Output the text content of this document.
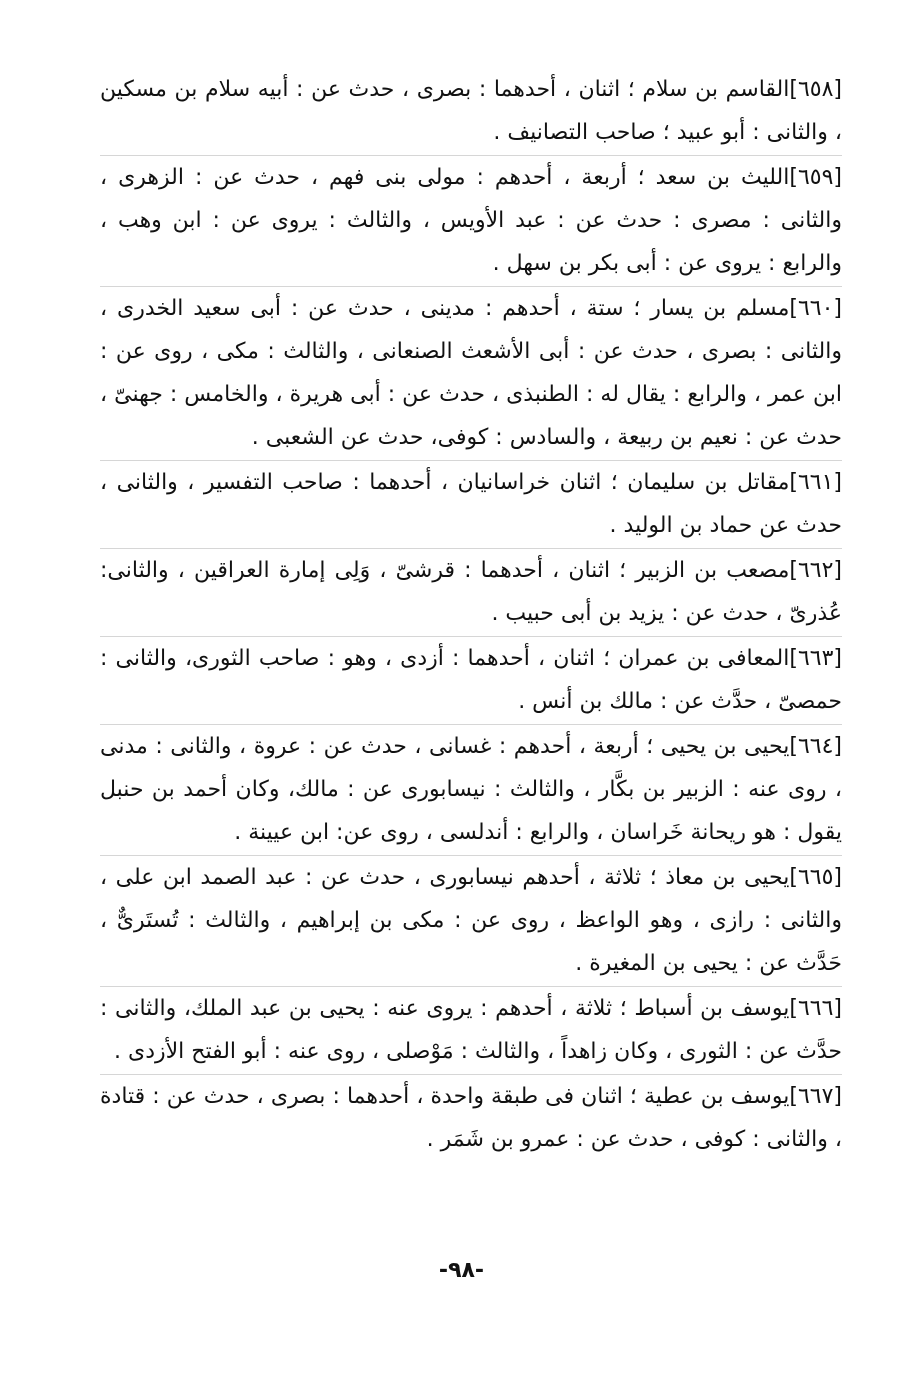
[٦٥٨]القاسم بن سلام ؛ اثنان ، أحدهما : بصرى ، حدث عن : أبيه سلام بن مسكين ، والثانى : أبو عبيد ؛ صاحب التصانيف .

[٦٥٩]الليث بن سعد ؛ أربعة ، أحدهم : مولى بنى فهم ، حدث عن : الزهرى ، والثانى : مصرى : حدث عن : عبد الأويس ، والثالث : يروى عن : ابن وهب ، والرابع : يروى عن : أبى بكر بن سهل .

[٦٦٠]مسلم بن يسار ؛ ستة ، أحدهم : مدينى ، حدث عن : أبى سعيد الخدرى ، والثانى : بصرى ، حدث عن : أبى الأشعث الصنعانى ، والثالث : مكى ، روى عن : ابن عمر ، والرابع : يقال له : الطنبذى ، حدث عن : أبى هريرة ، والخامس : جهنىّ ، حدث عن : نعيم بن ربيعة ، والسادس : كوفى، حدث عن الشعبى .

[٦٦١]مقاتل بن سليمان ؛ اثنان خراسانيان ، أحدهما : صاحب التفسير ، والثانى ، حدث عن حماد بن الوليد .

[٦٦٢]مصعب بن الزبير ؛ اثنان ، أحدهما : قرشىّ ، وَلِى إمارة العراقين ، والثانى: عُذرىّ ، حدث عن : يزيد بن أبى حبيب .

[٦٦٣]المعافى بن عمران ؛ اثنان ، أحدهما : أزدى ، وهو : صاحب الثورى، والثانى : حمصىّ ، حدَّث عن : مالك بن أنس .

[٦٦٤]يحيى بن يحيى ؛ أربعة ، أحدهم : غسانى ، حدث عن : عروة ، والثانى : مدنى ، روى عنه : الزبير بن بكَّار ، والثالث : نيسابورى عن : مالك، وكان أحمد بن حنبل يقول : هو ريحانة خَراسان ، والرابع : أندلسى ، روى عن: ابن عيينة .

[٦٦٥]يحيى بن معاذ ؛ ثلاثة ، أحدهم نيسابورى ، حدث عن : عبد الصمد ابن على ، والثانى : رازى ، وهو الواعظ ، روى عن : مكى بن إبراهيم ، والثالث : تُستَرىٌّ ، حَدَّث عن : يحيى بن المغيرة .

[٦٦٦]يوسف بن أسباط ؛ ثلاثة ، أحدهم : يروى عنه : يحيى بن عبد الملك، والثانى : حدَّث عن : الثورى ، وكان زاهداً ، والثالث : مَوْصلى ، روى عنه : أبو الفتح الأزدى .

[٦٦٧]يوسف بن عطية ؛ اثنان فى طبقة واحدة ، أحدهما : بصرى ، حدث عن : قتادة ، والثانى : كوفى ، حدث عن : عمرو بن شَمَر .

-٩٨-
